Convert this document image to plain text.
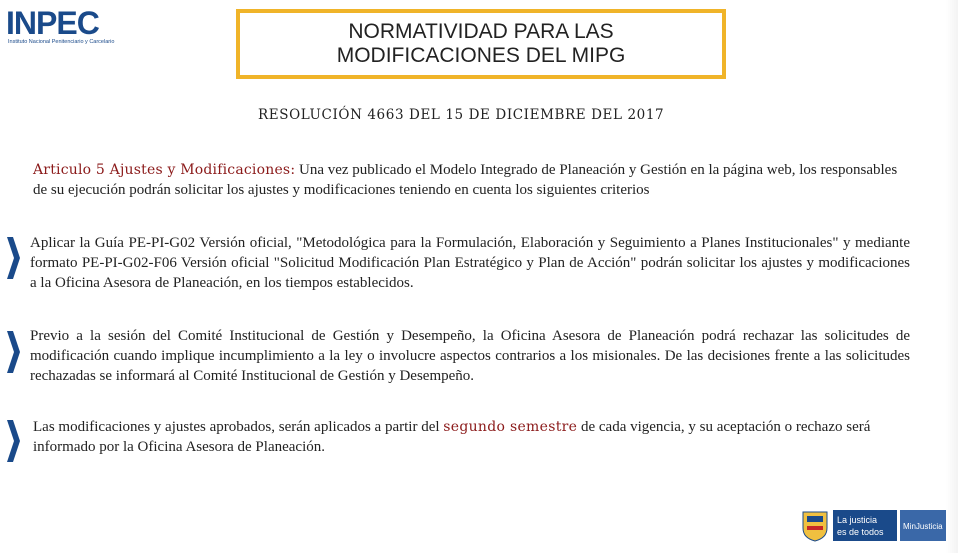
INPEC
Instituto Nacional Penitenciario y Carcelario	NORMATIVIDAD PARA LAS
MODIFICACIONES DEL MIPG
RESOLUCIÓN 4663 DEL 15 DE DICIEMBRE DEL 2017
Articulo 5 Ajustes y Modificaciones: Una vez publicado el Modelo Integrado de Planeación y Gestión en la página web, los responsables de su ejecución podrán solicitar los ajustes y modificaciones teniendo en cuenta los siguientes criterios
Aplicar la Guía PE-PI-G02 Versión oficial, "Metodológica para la Formulación, Elaboración y Seguimiento a Planes Institucionales" y mediante formato PE-PI-G02-F06 Versión oficial "Solicitud Modificación Plan Estratégico y Plan de Acción" podrán solicitar los ajustes y modificaciones a la Oficina Asesora de Planeación, en los tiempos establecidos.
Previo a la sesión del Comité Institucional de Gestión y Desempeño, la Oficina Asesora de Planeación podrá rechazar las solicitudes de modificación cuando implique incumplimiento a la ley o involucre aspectos contrarios a los misionales. De las decisiones frente a las solicitudes rechazadas se informará al Comité Institucional de Gestión y Desempeño.
Las modificaciones y ajustes aprobados, serán aplicados a partir del segundo semestre de cada vigencia, y su aceptación o rechazo será informado por la Oficina Asesora de Planeación.
La justicia
es de todos
MinJusticia
